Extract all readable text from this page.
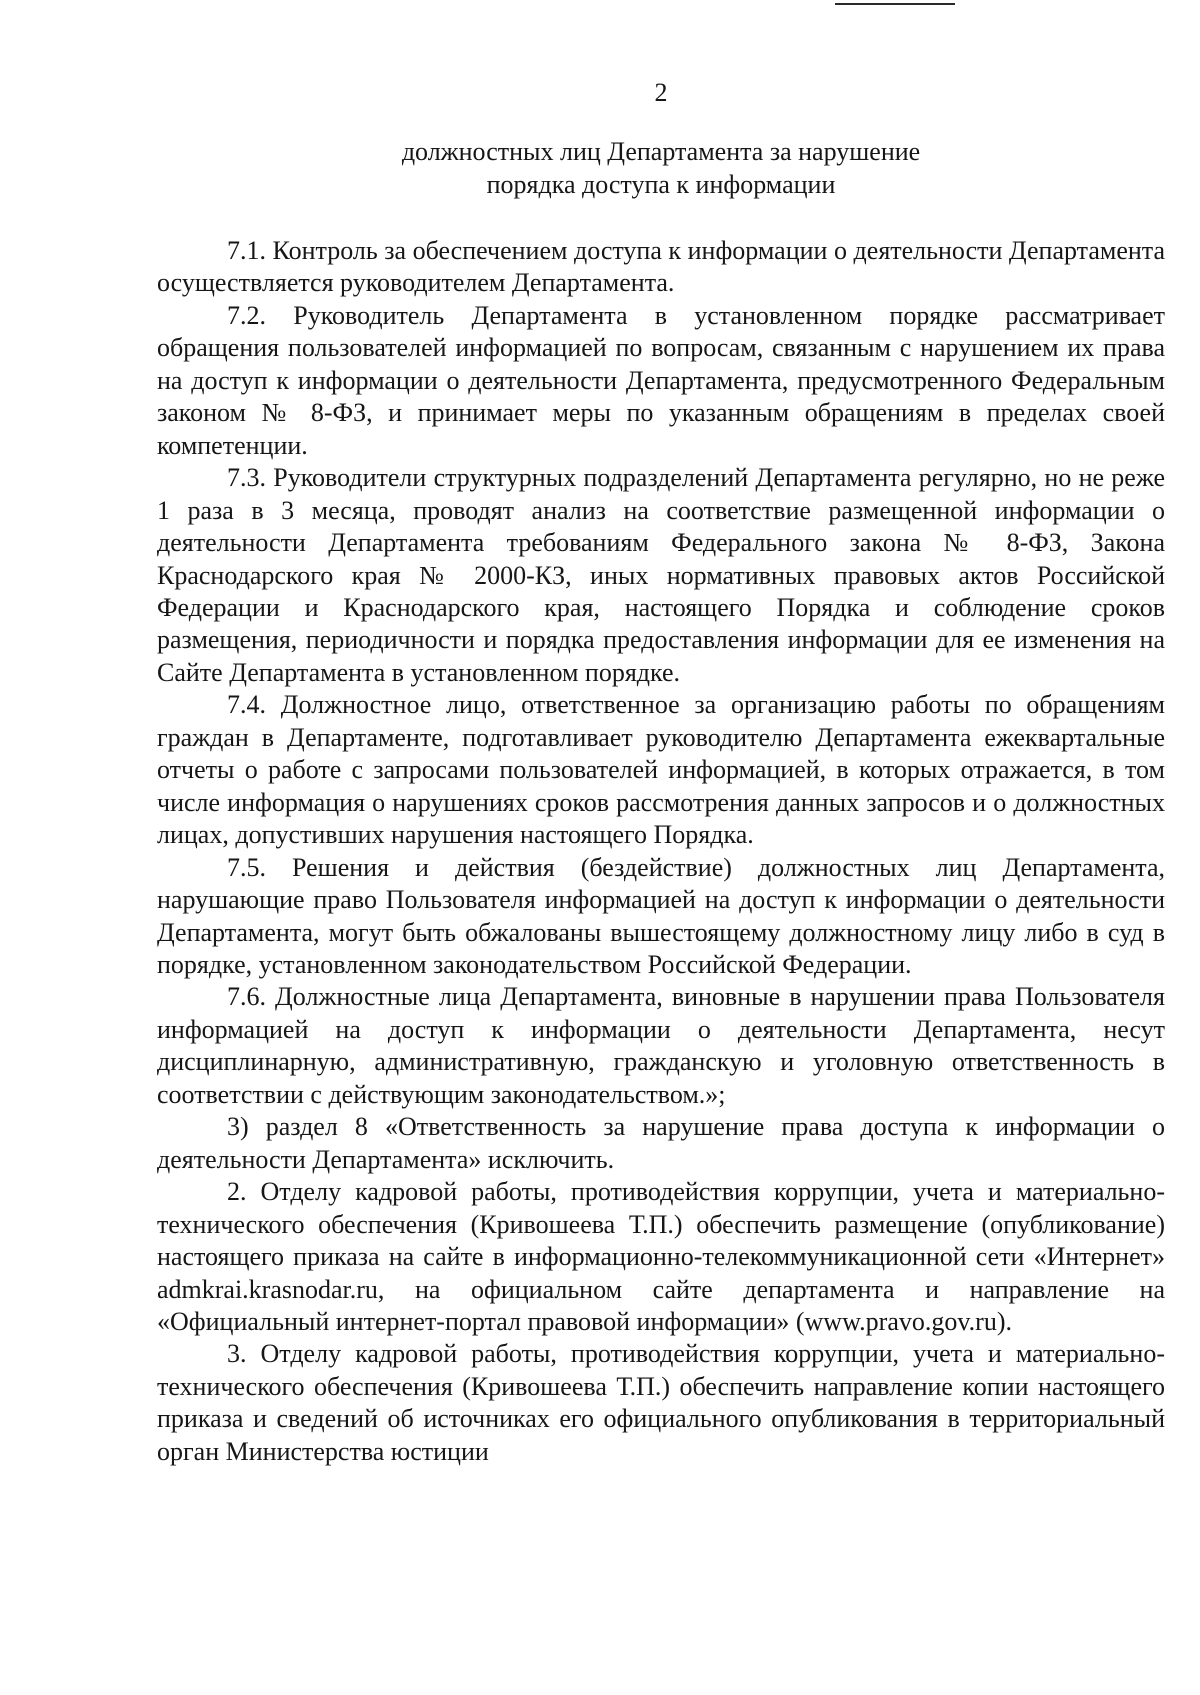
2
должностных лиц Департамента за нарушение
порядка доступа к информации

7.1. Контроль за обеспечением доступа к информации о деятельности Департамента осуществляется руководителем Департамента.

7.2. Руководитель Департамента в установленном порядке рассматривает обращения пользователей информацией по вопросам, связанным с нарушением их права на доступ к информации о деятельности Департамента, предусмотренного Федеральным законом № 8-ФЗ, и принимает меры по указанным обращениям в пределах своей компетенции.

7.3. Руководители структурных подразделений Департамента регулярно, но не реже 1 раза в 3 месяца, проводят анализ на соответствие размещенной информации о деятельности Департамента требованиям Федерального закона № 8-ФЗ, Закона Краснодарского края № 2000-КЗ, иных нормативных правовых актов Российской Федерации и Краснодарского края, настоящего Порядка и соблюдение сроков размещения, периодичности и порядка предоставления информации для ее изменения на Сайте Департамента в установленном порядке.

7.4. Должностное лицо, ответственное за организацию работы по обращениям граждан в Департаменте, подготавливает руководителю Департамента ежеквартальные отчеты о работе с запросами пользователей информацией, в которых отражается, в том числе информация о нарушениях сроков рассмотрения данных запросов и о должностных лицах, допустивших нарушения настоящего Порядка.

7.5. Решения и действия (бездействие) должностных лиц Департамента, нарушающие право Пользователя информацией на доступ к информации о деятельности Департамента, могут быть обжалованы вышестоящему должностному лицу либо в суд в порядке, установленном законодательством Российской Федерации.

7.6. Должностные лица Департамента, виновные в нарушении права Пользователя информацией на доступ к информации о деятельности Департамента, несут дисциплинарную, административную, гражданскую и уголовную ответственность в соответствии с действующим законодательством.»;

3) раздел 8 «Ответственность за нарушение права доступа к информации о деятельности Департамента» исключить.

2. Отделу кадровой работы, противодействия коррупции, учета и материально-технического обеспечения (Кривошеева Т.П.) обеспечить размещение (опубликование) настоящего приказа на сайте в информационно-телекоммуникационной сети «Интернет» admkrai.krasnodar.ru, на официальном сайте департамента и направление на «Официальный интернет-портал правовой информации» (www.pravo.gov.ru).

3. Отделу кадровой работы, противодействия коррупции, учета и материально-технического обеспечения (Кривошеева Т.П.) обеспечить направление копии настоящего приказа и сведений об источниках его официального опубликования в территориальный орган Министерства юстиции
